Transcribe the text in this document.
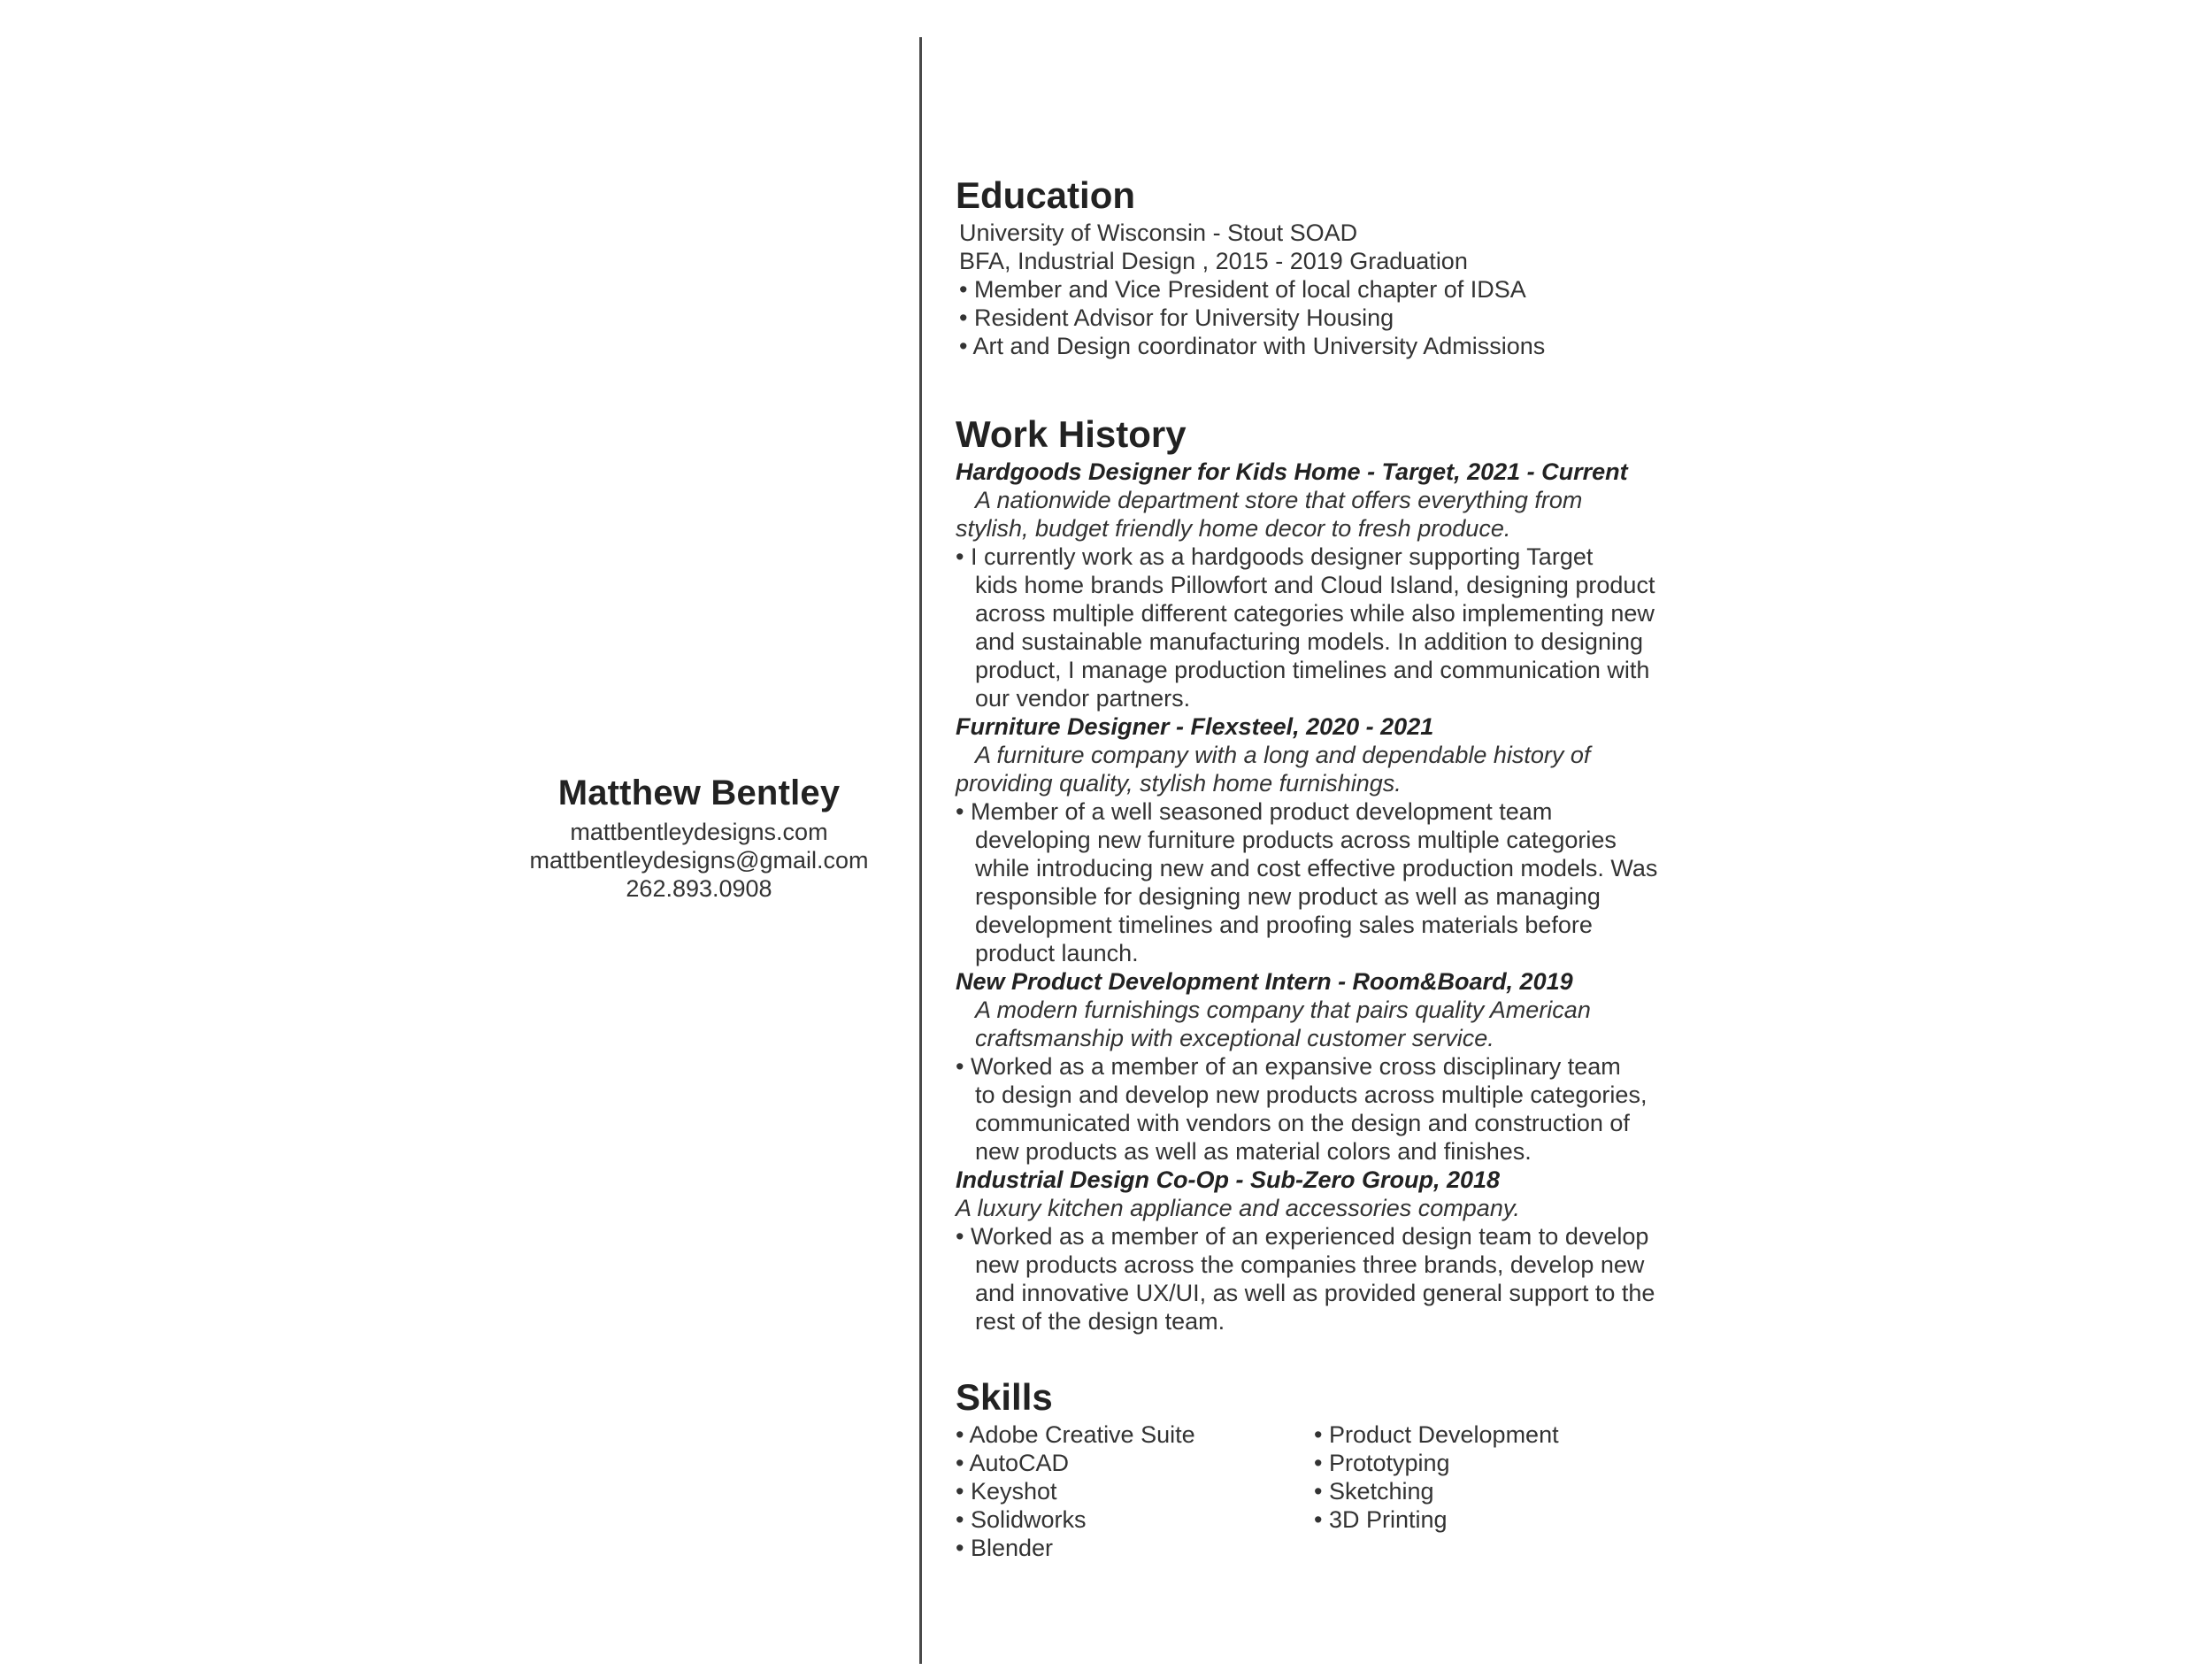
Matthew Bentley
mattbentleydesigns.com
mattbentleydesigns@gmail.com
262.893.0908
Education
University of Wisconsin - Stout SOAD
BFA, Industrial Design , 2015 - 2019 Graduation
• Member and Vice President of local chapter of IDSA
• Resident Advisor for University Housing
• Art and Design coordinator with University Admissions
Work History
Hardgoods Designer for Kids Home - Target, 2021 - Current
A nationwide department store that offers everything from
stylish, budget friendly home decor to fresh produce.
• I currently work as a hardgoods designer supporting Target
kids home brands Pillowfort and Cloud Island, designing product
across multiple different categories while also implementing new
and sustainable manufacturing models. In addition to designing
product, I manage production timelines and communication with
our vendor partners.
Furniture Designer - Flexsteel, 2020 - 2021
A furniture company with a long and dependable history of
providing quality, stylish home furnishings.
• Member of a well seasoned product development team
developing new furniture products across multiple categories
while introducing new and cost effective production models. Was
responsible for designing new product as well as managing
development timelines and proofing sales materials before
product launch.
New Product Development Intern - Room&Board, 2019
A modern furnishings company that pairs quality American
craftsmanship with exceptional customer service.
• Worked as a member of an expansive cross disciplinary team
to design and develop new products across multiple categories,
communicated with vendors on the design and construction of
new products as well as material colors and finishes.
Industrial Design Co-Op - Sub-Zero Group, 2018
A luxury kitchen appliance and accessories company.
• Worked as a member of an experienced design team to develop
new products across the companies three brands, develop new
and innovative UX/UI, as well as provided general support to the
rest of the design team.
Skills
• Adobe Creative Suite
• AutoCAD
• Keyshot
• Solidworks
• Blender
• Product Development
• Prototyping
• Sketching
• 3D Printing
